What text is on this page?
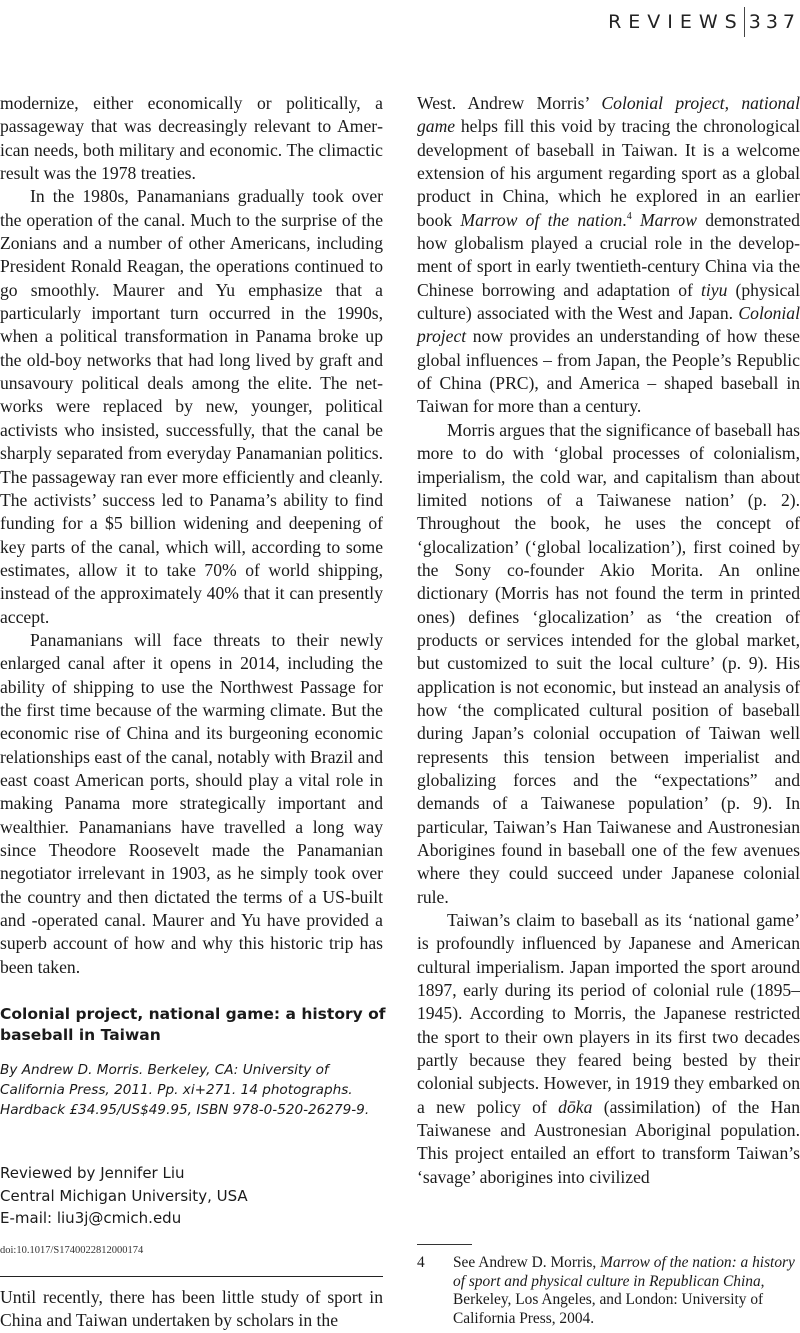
REVIEWS 337

modernize, either economically or politically, a passageway that was decreasingly relevant to American needs, both military and economic. The climactic result was the 1978 treaties.

In the 1980s, Panamanians gradually took over the operation of the canal. Much to the surprise of the Zonians and a number of other Americans, including President Ronald Reagan, the operations continued to go smoothly. Maurer and Yu emphasize that a particularly important turn occurred in the 1990s, when a political transformation in Panama broke up the old-boy networks that had long lived by graft and unsavoury political deals among the elite. The networks were replaced by new, younger, political activists who insisted, successfully, that the canal be sharply separated from everyday Panamanian politics. The passageway ran ever more efficiently and cleanly. The activists’ success led to Panama’s ability to find funding for a $5 billion widening and deepening of key parts of the canal, which will, according to some estimates, allow it to take 70% of world shipping, instead of the approximately 40% that it can presently accept.

Panamanians will face threats to their newly enlarged canal after it opens in 2014, including the ability of shipping to use the Northwest Passage for the first time because of the warming climate. But the economic rise of China and its burgeoning economic relationships east of the canal, notably with Brazil and east coast American ports, should play a vital role in making Panama more strategically important and wealthier. Panamanians have travelled a long way since Theodore Roosevelt made the Panamanian negotiator irrelevant in 1903, as he simply took over the country and then dictated the terms of a US-built and -operated canal. Maurer and Yu have provided a superb account of how and why this historic trip has been taken.

Colonial project, national game: a history of baseball in Taiwan

By Andrew D. Morris. Berkeley, CA: University of California Press, 2011. Pp. xi+271. 14 photographs. Hardback £34.95/US$49.95, ISBN 978-0-520-26279-9.

Reviewed by Jennifer Liu
Central Michigan University, USA
E-mail: liu3j@cmich.edu
doi:10.1017/S1740022812000174

Until recently, there has been little study of sport in China and Taiwan undertaken by scholars in the

West. Andrew Morris’ Colonial project, national game helps fill this void by tracing the chronological development of baseball in Taiwan. It is a welcome extension of his argument regarding sport as a global product in China, which he explored in an earlier book Marrow of the nation.$^4$ Marrow demonstrated how globalism played a crucial role in the development of sport in early twentieth-century China via the Chinese borrowing and adaptation of tiyu (physical culture) associated with the West and Japan. Colonial project now provides an understanding of how these global influences – from Japan, the People’s Republic of China (PRC), and America – shaped baseball in Taiwan for more than a century.

Morris argues that the significance of baseball has more to do with ‘global processes of colonialism, imperialism, the cold war, and capitalism than about limited notions of a Taiwanese nation’ (p. 2). Throughout the book, he uses the concept of ‘glocalization’ (‘global localization’), first coined by the Sony co-founder Akio Morita. An online dictionary (Morris has not found the term in printed ones) defines ‘glocalization’ as ‘the creation of products or services intended for the global market, but customized to suit the local culture’ (p. 9). His application is not economic, but instead an analysis of how ‘the complicated cultural position of baseball during Japan’s colonial occupation of Taiwan well represents this tension between imperialist and globalizing forces and the “expectations” and demands of a Taiwanese population’ (p. 9). In particular, Taiwan’s Han Taiwanese and Austronesian Aborigines found in baseball one of the few avenues where they could succeed under Japanese colonial rule.

Taiwan’s claim to baseball as its ‘national game’ is profoundly influenced by Japanese and American cultural imperialism. Japan imported the sport around 1897, early during its period of colonial rule (1895–1945). According to Morris, the Japanese restricted the sport to their own players in its first two decades partly because they feared being bested by their colonial subjects. However, in 1919 they embarked on a new policy of dōka (assimilation) of the Han Taiwanese and Austronesian Aboriginal population. This project entailed an effort to transform Taiwan’s ‘savage’ aborigines into civilized

4	See Andrew D. Morris, Marrow of the nation: a history of sport and physical culture in Republican China, Berkeley, Los Angeles, and London: University of California Press, 2004.
